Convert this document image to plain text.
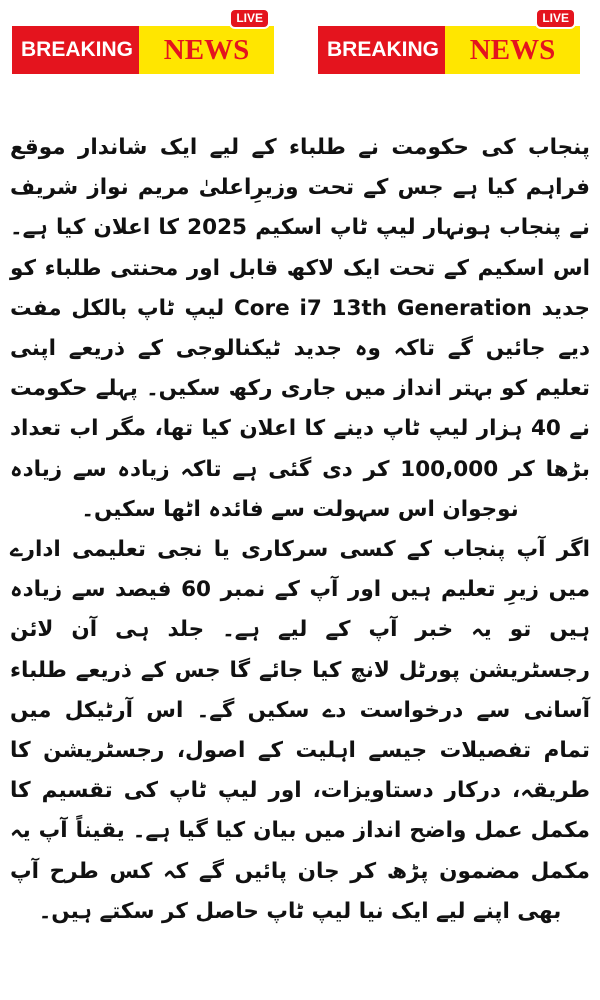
BREAKING	NEWS
LIVE
BREAKING	NEWS
LIVE

پنجاب کی حکومت نے طلباء کے لیے ایک شاندار موقع فراہم کیا ہے جس کے تحت وزیرِاعلیٰ مریم نواز شریف نے پنجاب ہونہار لیپ ٹاپ اسکیم 2025 کا اعلان کیا ہے۔ اس اسکیم کے تحت ایک لاکھ قابل اور محنتی طلباء کو جدید Core i7 13th Generation لیپ ٹاپ بالکل مفت دیے جائیں گے تاکہ وہ جدید ٹیکنالوجی کے ذریعے اپنی تعلیم کو بہتر انداز میں جاری رکھ سکیں۔ پہلے حکومت نے 40 ہزار لیپ ٹاپ دینے کا اعلان کیا تھا، مگر اب تعداد بڑھا کر 100,000 کر دی گئی ہے تاکہ زیادہ سے زیادہ نوجوان اس سہولت سے فائدہ اٹھا سکیں۔

اگر آپ پنجاب کے کسی سرکاری یا نجی تعلیمی ادارے میں زیرِ تعلیم ہیں اور آپ کے نمبر 60 فیصد سے زیادہ ہیں تو یہ خبر آپ کے لیے ہے۔ جلد ہی آن لائن رجسٹریشن پورٹل لانچ کیا جائے گا جس کے ذریعے طلباء آسانی سے درخواست دے سکیں گے۔ اس آرٹیکل میں تمام تفصیلات جیسے اہلیت کے اصول، رجسٹریشن کا طریقہ، درکار دستاویزات، اور لیپ ٹاپ کی تقسیم کا مکمل عمل واضح انداز میں بیان کیا گیا ہے۔ یقیناً آپ یہ مکمل مضمون پڑھ کر جان پائیں گے کہ کس طرح آپ بھی اپنے لیے ایک نیا لیپ ٹاپ حاصل کر سکتے ہیں۔
